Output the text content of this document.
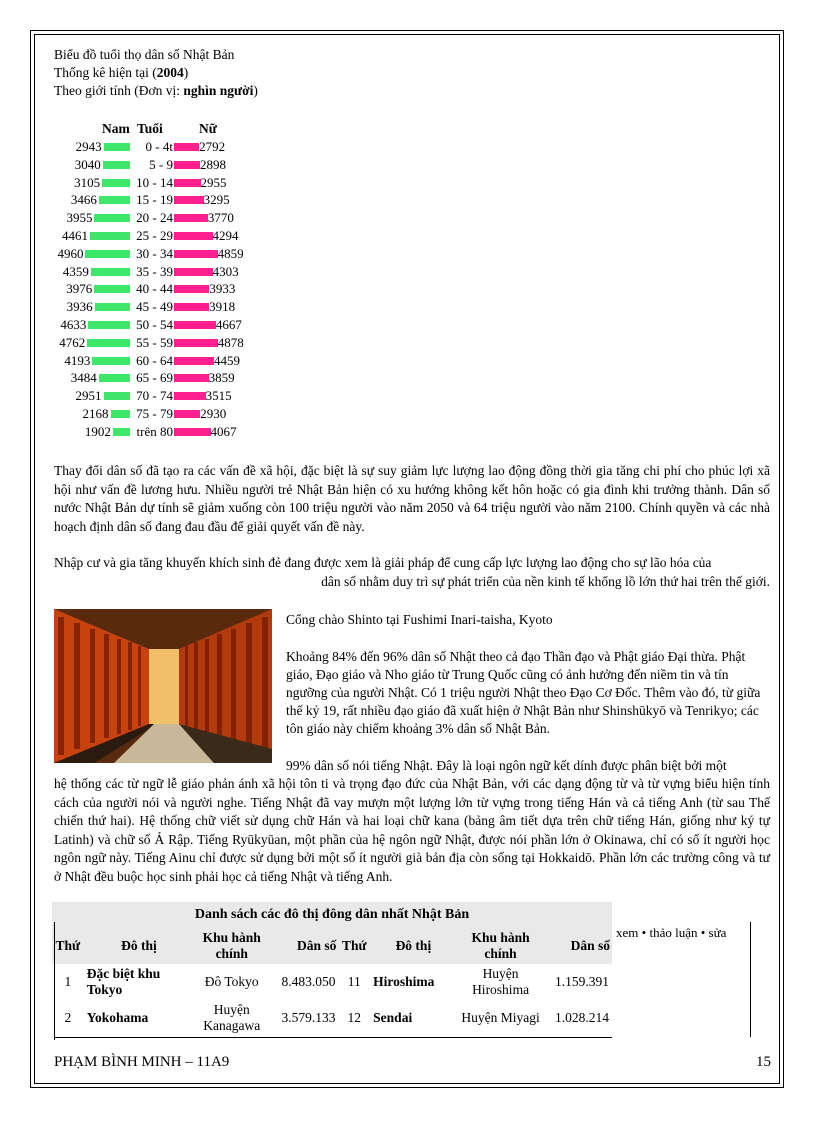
Biểu đồ tuổi thọ dân số Nhật Bản
Thống kê hiện tại (2004)
Theo giới tính (Đơn vị: nghìn người)
Nam Tuổi	Nữ
2943	0 - 4t 2792
3040	5 - 9 2898
3105	10 - 14 2955
3466	15 - 19 3295
3955	20 - 24	3770
4461	25 - 29	4294
4960	30 - 34	4859
4359	35 - 39	4303
3976	40 - 44	3933
3936	45 - 49	3918
4633	50 - 54	4667
4762	55 - 59	4878
4193	60 - 64	4459
3484	65 - 69	3859
2951	70 - 74	3515
2168	75 - 79 2930
1902	trên 80	4067
Thay đổi dân số đã tạo ra các vấn đề xã hội, đặc biệt là sự suy giảm lực lượng lao động đồng thời gia tăng chi phí cho phúc lợi xã hội như vấn đề lương hưu. Nhiều người trẻ Nhật Bản hiện có xu hướng không kết hôn hoặc có gia đình khi trưởng thành. Dân số nước Nhật Bản dự tính sẽ giảm xuống còn 100 triệu người vào năm 2050 và 64 triệu người vào năm 2100. Chính quyền và các nhà hoạch định dân số đang đau đầu để giải quyết vấn đề này.
Nhập cư và gia tăng khuyến khích sinh đẻ đang được xem là giải pháp để cung cấp lực lượng lao động cho sự lão hóa của
dân số nhằm duy trì sự phát triển của nền kinh tế khổng lồ lớn thứ hai trên thế giới.
Cổng chào Shinto tại Fushimi Inari-taisha, Kyoto
Khoảng 84% đến 96% dân số Nhật theo cả đạo Thần đạo và Phật giáo Đại thừa. Phật giáo, Đạo giáo và Nho giáo từ Trung Quốc cũng có ảnh hưởng đến niềm tin và tín ngưỡng của người Nhật. Có 1 triệu người Nhật theo Đạo Cơ Đốc. Thêm vào đó, từ giữa thế kỷ 19, rất nhiều đạo giáo đã xuất hiện ở Nhật Bản như Shinshūkyō và Tenrikyo; các tôn giáo này chiếm khoảng 3% dân số Nhật Bản.
99% dân số nói tiếng Nhật. Đây là loại ngôn ngữ kết dính được phân biệt bởi một
hệ thống các từ ngữ lễ giáo phản ánh xã hội tôn ti và trọng đạo đức của Nhật Bản, với các dạng động từ và từ vựng biểu hiện tính cách của người nói và người nghe. Tiếng Nhật đã vay mượn một lượng lớn từ vựng trong tiếng Hán và cả tiếng Anh (từ sau Thế chiến thứ hai). Hệ thống chữ viết sử dụng chữ Hán và hai loại chữ kana (bảng âm tiết dựa trên chữ tiếng Hán, giống như ký tự Latinh) và chữ số Ả Rập. Tiếng Ryūkyūan, một phần của hệ ngôn ngữ Nhật, được nói phần lớn ở Okinawa, chỉ có số ít người học ngôn ngữ này. Tiếng Ainu chỉ được sử dụng bởi một số ít người già bản địa còn sống tại Hokkaidō. Phần lớn các trường công và tư ở Nhật đều buộc học sinh phải học cả tiếng Nhật và tiếng Anh.
Danh sách các đô thị đông dân nhất Nhật Bản							
Thứ	Đô thị	Khu hành chính	Dân số	Thứ	Đô thị	Khu hành chính	Dân số
1	Đặc biệt khu Tokyo	Đô Tokyo	8.483.050	11	Hiroshima	Huyện Hiroshima	1.159.391
2	Yokohama	Huyện Kanagawa	3.579.133	12	Sendai	Huyện Miyagi	1.028.214
xem • thảo luận • sửa
PHẠM BÌNH MINH – 11A9	15
